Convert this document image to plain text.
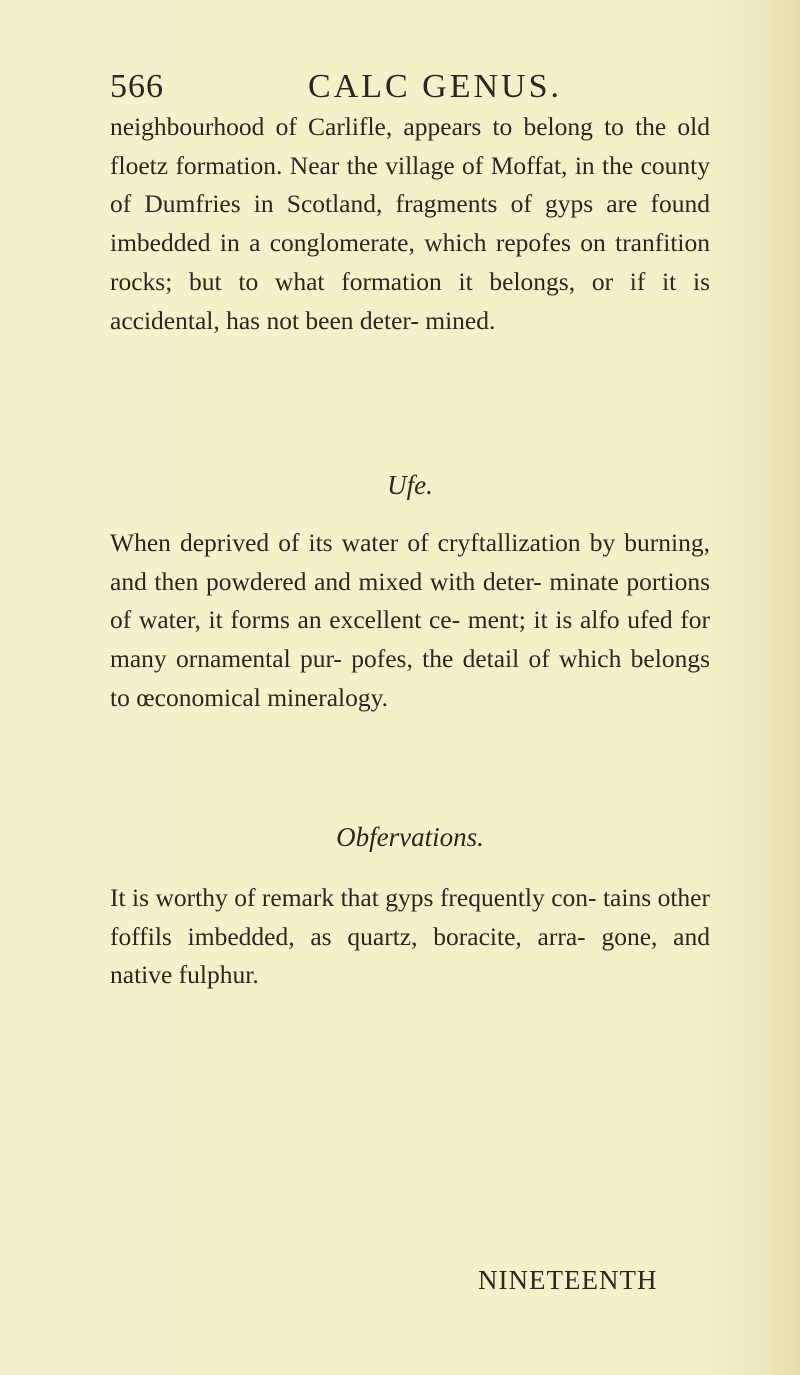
566	CALC GENUS.

neighbourhood of Carlifle, appears to belong to the old floetz formation. Near the village of Moffat, in the county of Dumfries in Scotland, fragments of gyps are found imbedded in a conglomerate, which repofes on tranfition rocks; but to what formation it belongs, or if it is accidental, has not been deter- mined.

Ufe.

When deprived of its water of cryftallization by burning, and then powdered and mixed with deter- minate portions of water, it forms an excellent ce- ment; it is alfo ufed for many ornamental pur- pofes, the detail of which belongs to œconomical mineralogy.

Obfervations.

It is worthy of remark that gyps frequently con- tains other foffils imbedded, as quartz, boracite, arra- gone, and native fulphur.

NINETEENTH
